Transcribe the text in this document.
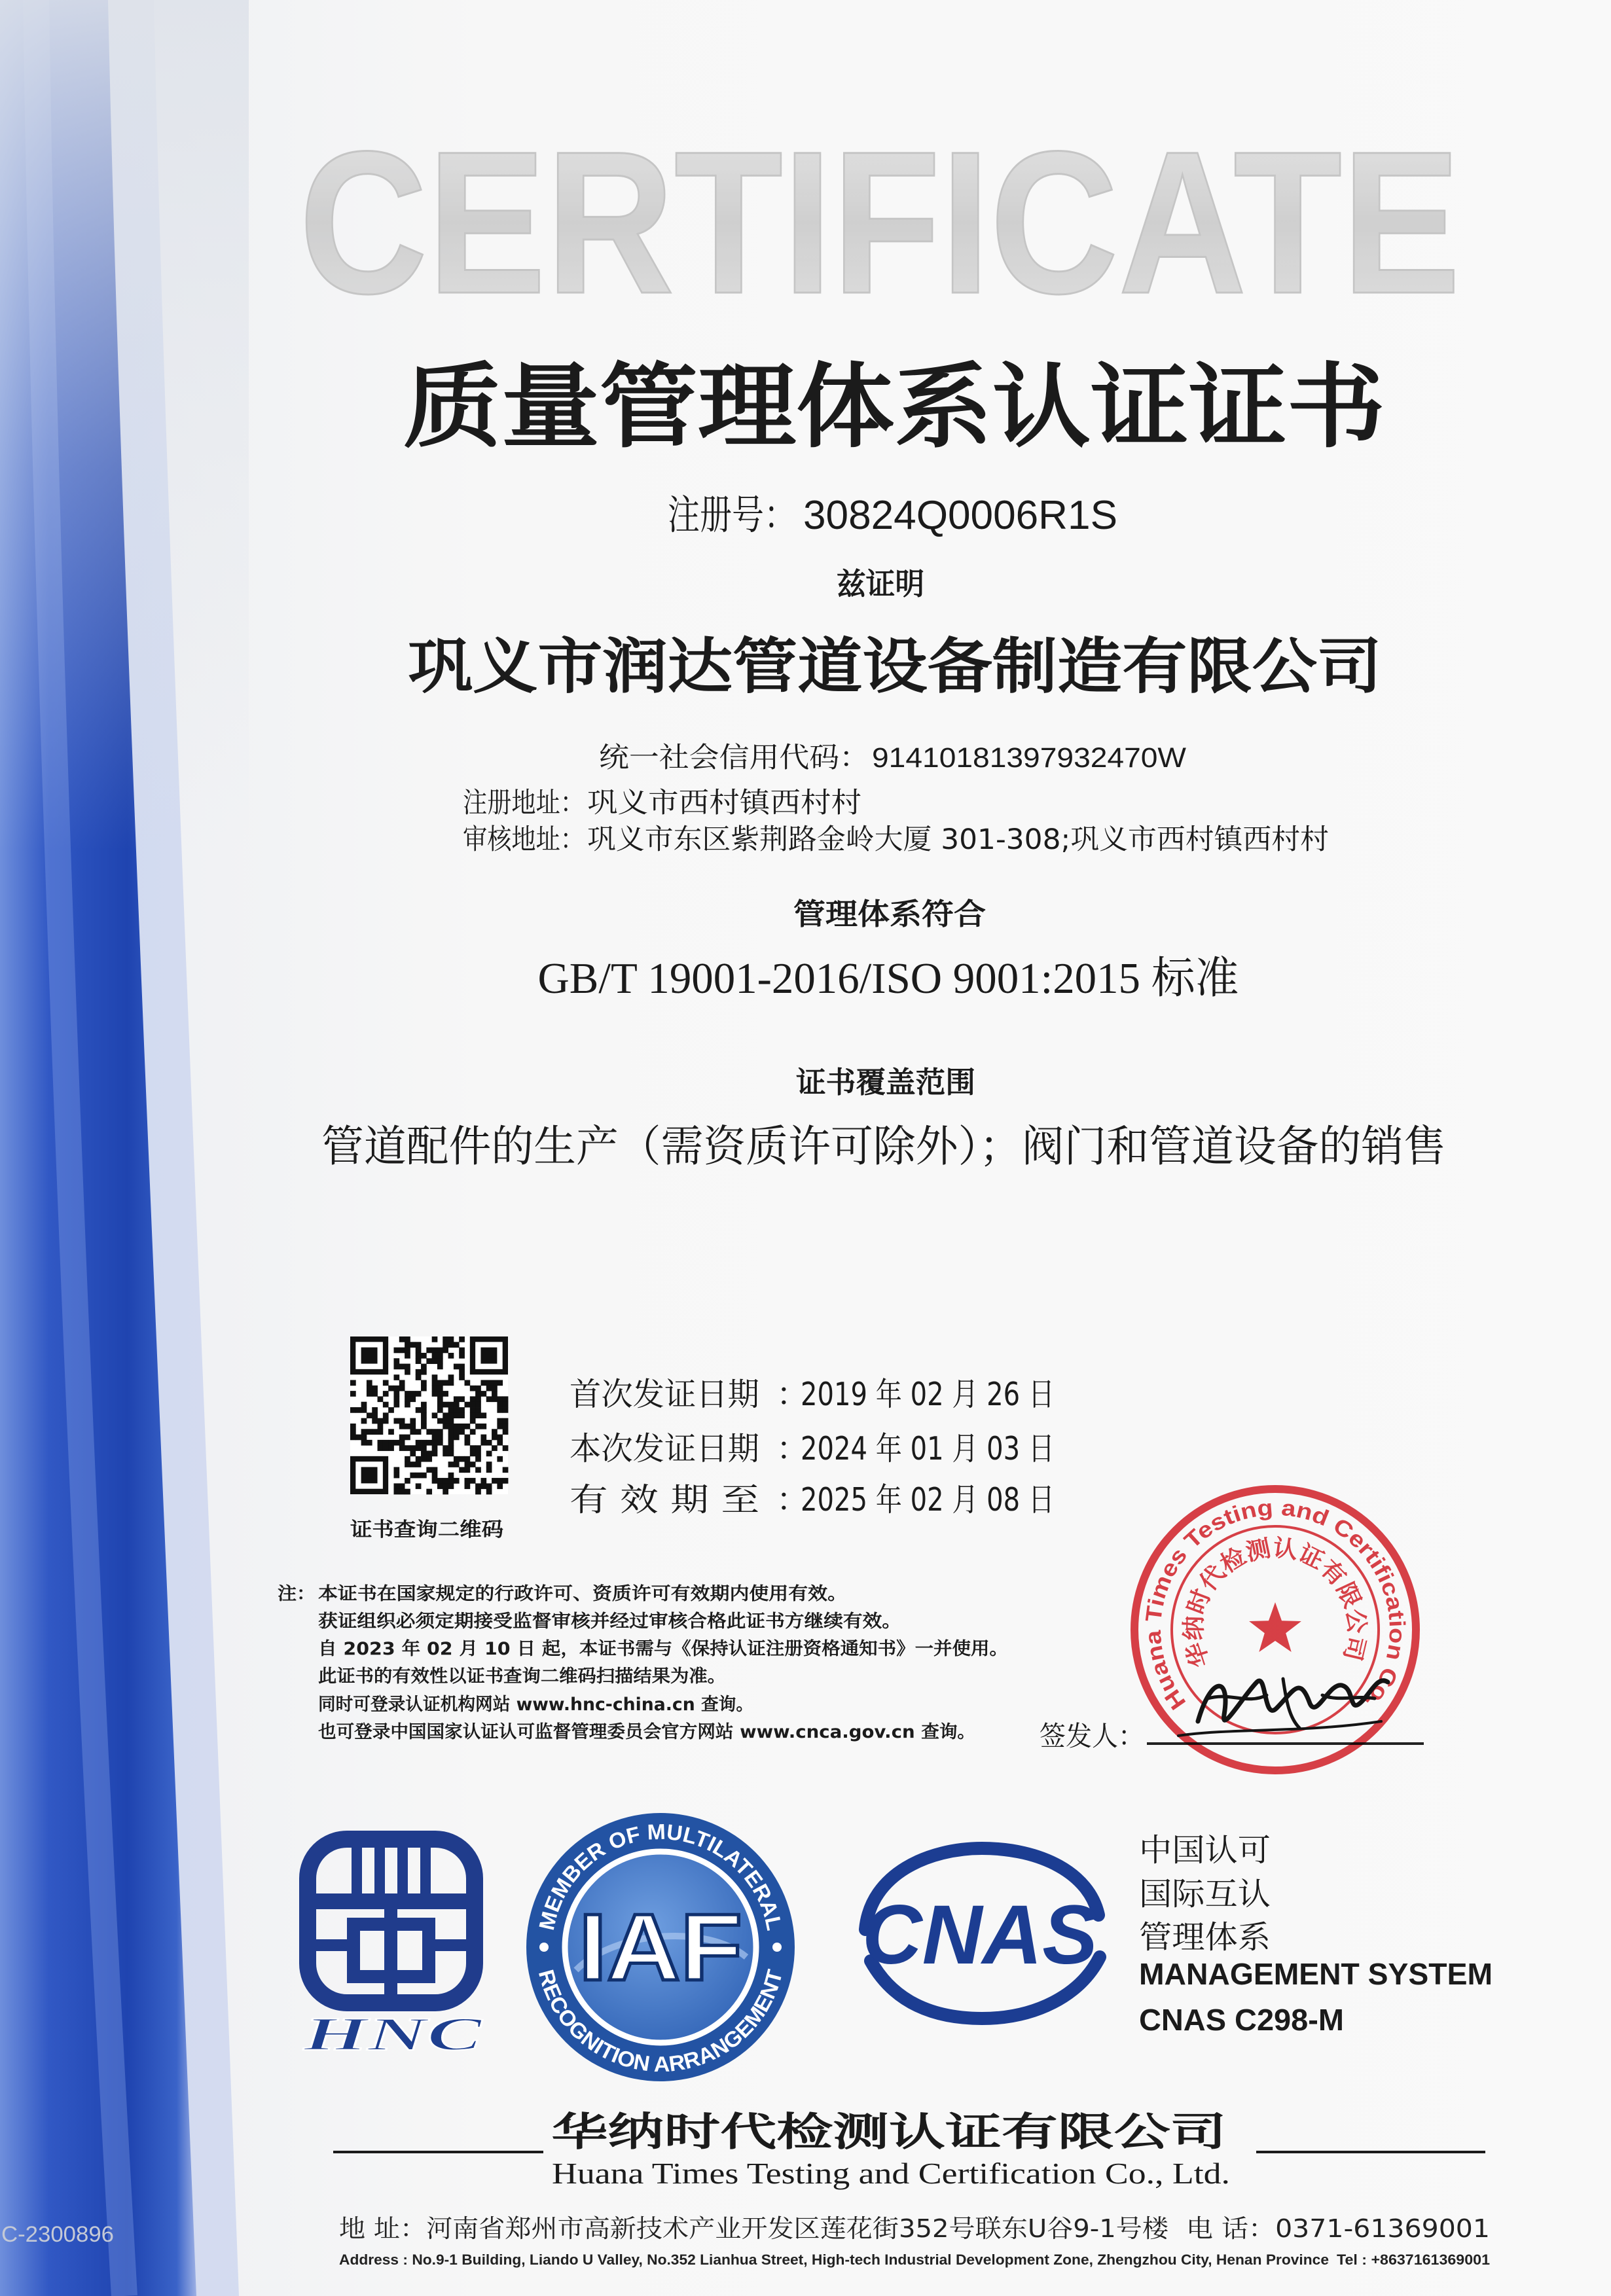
C-2300896
CERTIFICATE
质量管理体系认证证书
注册号： 30824Q0006R1S
兹证明
巩义市润达管道设备制造有限公司
统一社会信用代码： 91410181397932470W
注册地址： 巩义市西村镇西村村
审核地址： 巩义市东区紫荆路金岭大厦 301-308;巩义市西村镇西村村
管理体系符合
GB/T 19001-2016/ISO 9001:2015 标准
证书覆盖范围
管道配件的生产（需资质许可除外）；阀门和管道设备的销售
证书查询二维码
首次发证日期 ：
2019 年 02 月 26 日
本次发证日期 ：
2024 年 01 月 03 日
有 效 期 至 ：
2025 年 02 月 08 日
注： 本证书在国家规定的行政许可、资质许可有效期内使用有效。
获证组织必须定期接受监督审核并经过审核合格此证书方继续有效。
自 2023 年 02 月 10 日 起，本证书需与《保持认证注册资格通知书》一并使用。
此证书的有效性以证书查询二维码扫描结果为准。
同时可登录认证机构网站 www.hnc-china.cn 查询。
也可登录中国国家认证认可监督管理委员会官方网站 www.cnca.gov.cn 查询。	签发人：
Huana Times Testing and Certification Co.
华纳时代检测认证有限公司
HNC
MEMBER OF MULTILATERAL
RECOGNITION ARRANGEMENT
IAF CNAS
中国认可
国际互认
管理体系
MANAGEMENT SYSTEM
CNAS C298-M
华纳时代检测认证有限公司
Huana Times Testing and Certification Co., Ltd.
地 址：河南省郑州市高新技术产业开发区莲花街352号联东U谷9-1号楼 电 话：0371-61369001
Address : No.9-1 Building, Liando U Valley, No.352 Lianhua Street, High-tech Industrial Development Zone, Zhengzhou City, Henan Province Tel : +8637161369001
